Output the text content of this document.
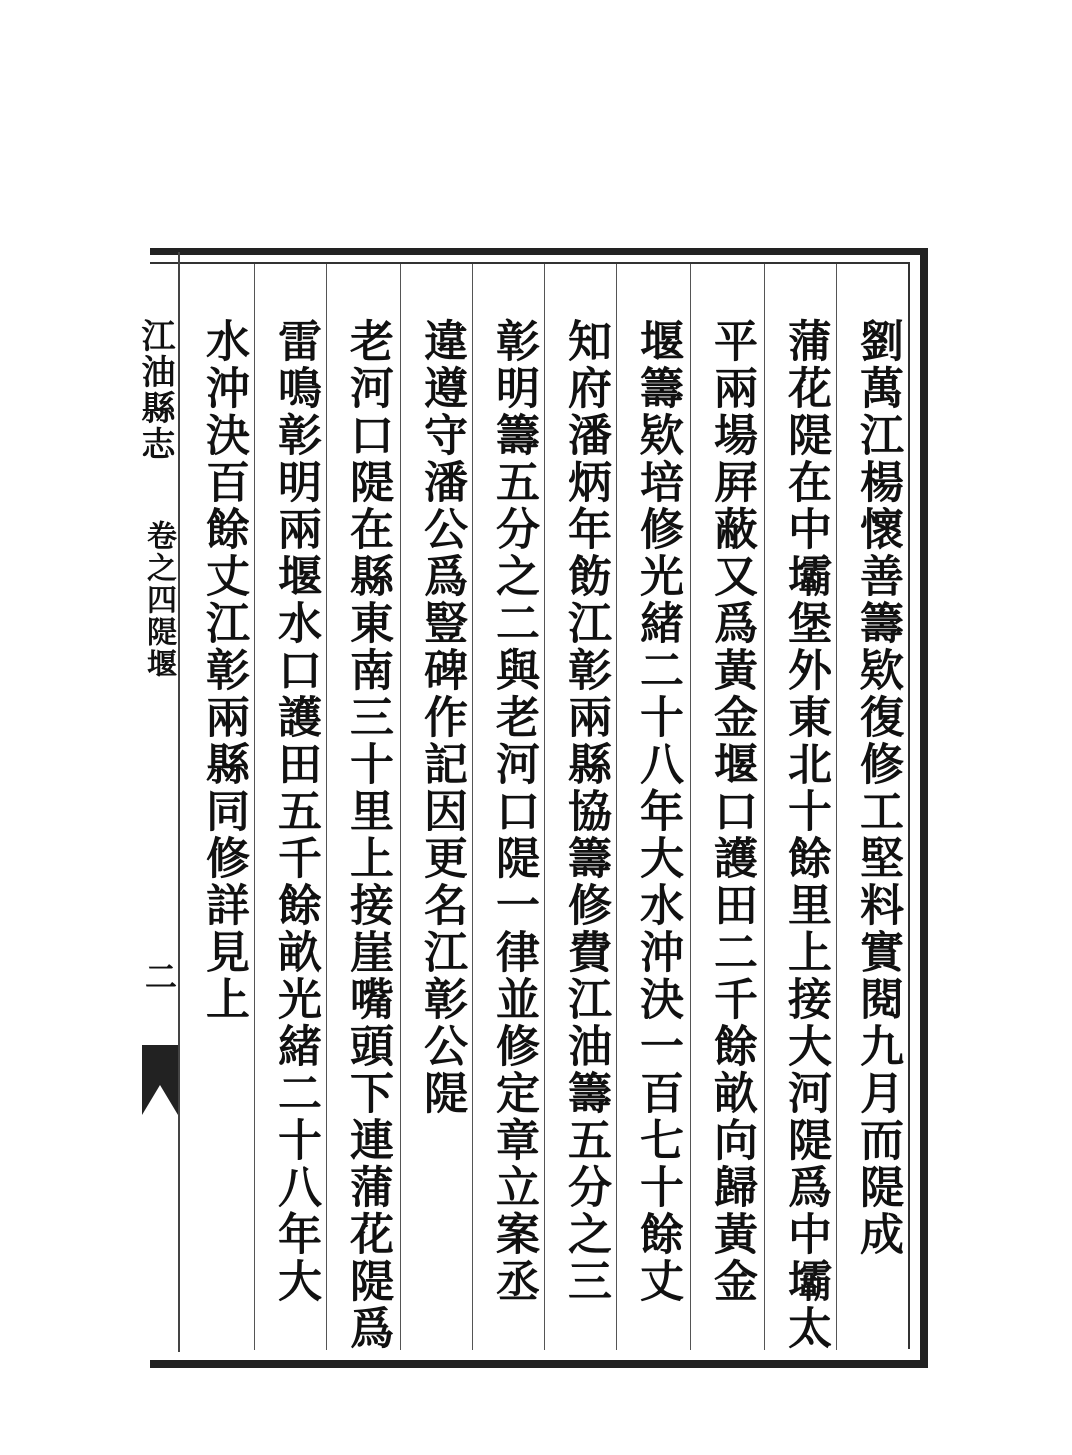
劉萬江楊懷善籌欵復修工堅料實閱九月而隄成
蒲花隄在中壩堡外東北十餘里上接大河隄爲中壩太
平兩場屛蔽又爲黃金堰口護田二千餘畝向歸黃金
堰籌欵培修光緒二十八年大水沖決一百七十餘丈
知府潘炳年飭江彰兩縣協籌修費江油籌五分之三
彰明籌五分之二與老河口隄一律並修定章立案丞
違遵守潘公爲豎碑作記因更名江彰公隄
老河口隄在縣東南三十里上接崖嘴頭下連蒲花隄爲
雷鳴彰明兩堰水口護田五千餘畝光緒二十八年大
水沖決百餘丈江彰兩縣同修詳見上
江油縣志
卷之四隄堰
二
